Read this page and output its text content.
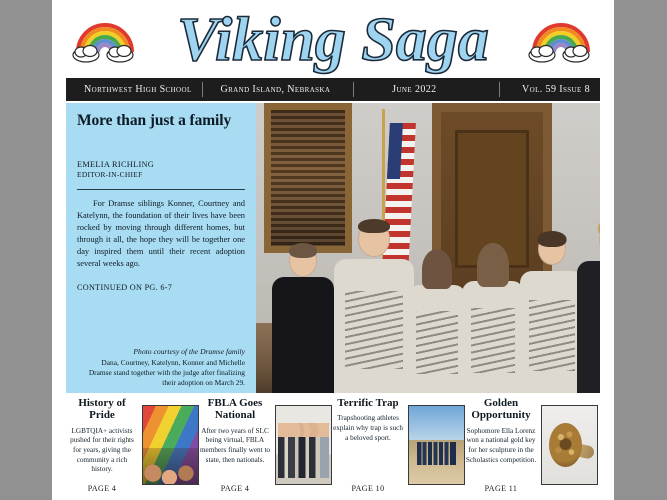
Viking Saga
Northwest High School	Grand Island, Nebraska	June 2022	Vol. 59 Issue 8
More than just a family
EMELIA RICHLING
EDITOR-IN-CHIEF
For Dramse siblings Konner, Courtney and Katelynn, the foundation of their lives have been rocked by moving through different homes, but through it all, the hope they will be together one day inspired them until their recent adoption several weeks ago.
CONTINUED ON PG. 6-7
Photo courtesy of the Dramse family
Dana, Courtney, Katelynn, Konner and Michelle Dramse stand together with the judge after finalizing their adoption on March 29.
History of Pride
LGBTQIA+ activists pushed for their rights for years, giving the community a rich history.
PAGE 4
FBLA Goes National
After two years of SLC being virtual, FBLA members finally went to state, then nationals.
PAGE 4
Terrific Trap
Trapshooting athletes explain why trap is such a beloved sport.
PAGE 10
Golden Opportunity
Sophomore Ella Lorenz won a national gold key for her sculpture in the Scholastics competition.
PAGE 11
